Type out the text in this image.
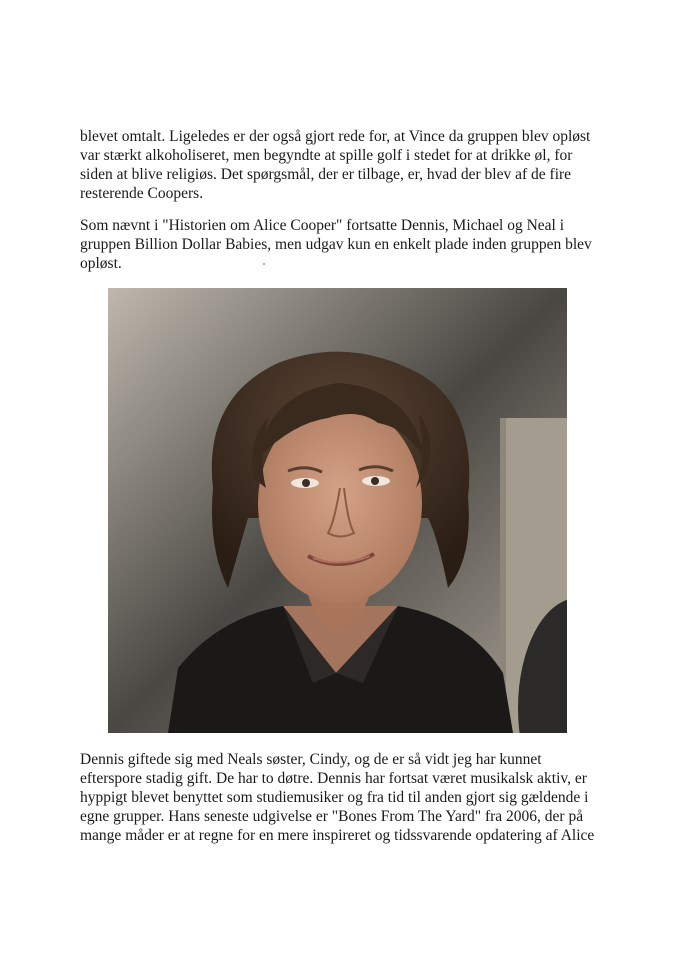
blevet omtalt. Ligeledes er der også gjort rede for, at Vince da gruppen blev opløst
var stærkt alkoholiseret, men begyndte at spille golf i stedet for at drikke øl, for
siden at blive religiøs. Det spørgsmål, der er tilbage, er, hvad der blev af de fire
resterende Coopers.
Som nævnt i "Historien om Alice Cooper" fortsatte Dennis, Michael og Neal i
gruppen Billion Dollar Babies, men udgav kun en enkelt plade inden gruppen blev
opløst.
Dennis giftede sig med Neals søster, Cindy, og de er så vidt jeg har kunnet
efterspore stadig gift. De har to døtre. Dennis har fortsat været musikalsk aktiv, er
hyppigt blevet benyttet som studiemusiker og fra tid til anden gjort sig gældende i
egne grupper. Hans seneste udgivelse er "Bones From The Yard" fra 2006, der på
mange måder er at regne for en mere inspireret og tidssvarende opdatering af Alice
